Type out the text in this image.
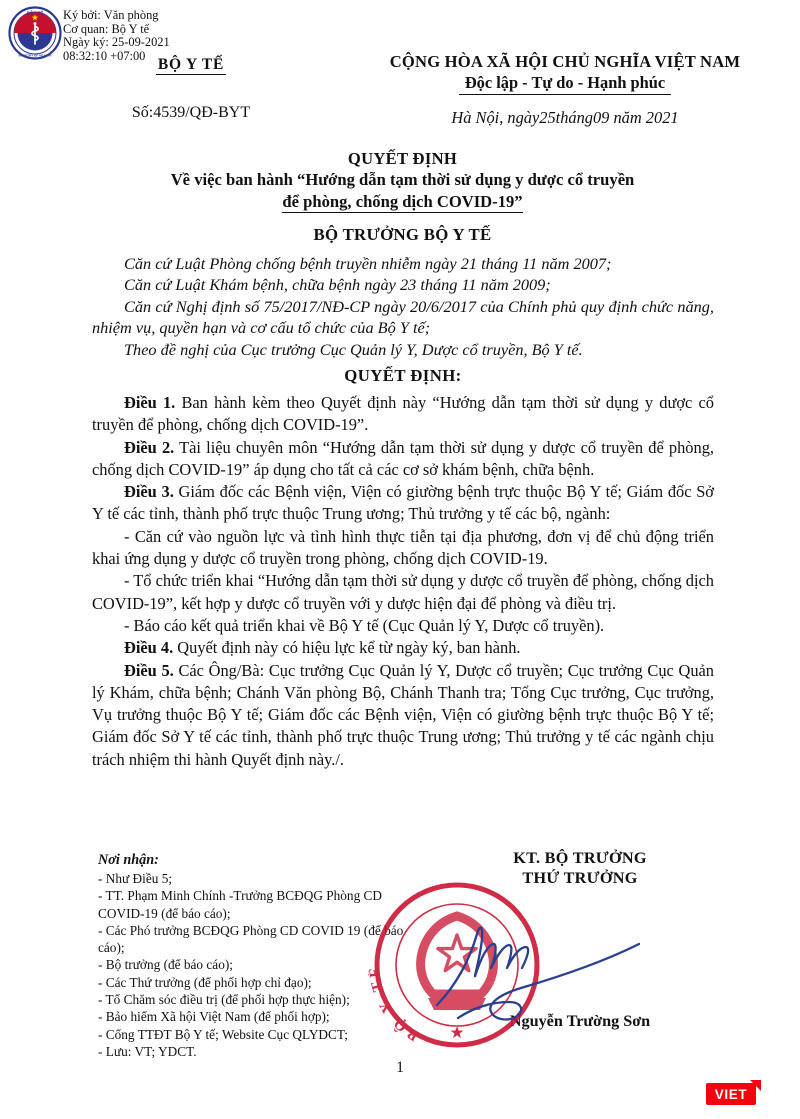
BỘ Y TẾ
MINISTRY OF HEALTH
Ký bởi: Văn phòng
Cơ quan: Bộ Y tế
Ngày ký: 25-09-2021
08:32:10 +07:00 BỘ Y TẾ
Số:4539/QĐ-BYT
CỘNG HÒA XÃ HỘI CHỦ NGHĨA VIỆT NAM
Độc lập - Tự do - Hạnh phúc
Hà Nội, ngày25tháng09 năm 2021
QUYẾT ĐỊNH
Về việc ban hành “Hướng dẫn tạm thời sử dụng y dược cổ truyền
để phòng, chống dịch COVID-19”
BỘ TRƯỞNG BỘ Y TẾ

Căn cứ Luật Phòng chống bệnh truyền nhiễm ngày 21 tháng 11 năm 2007;

Căn cứ Luật Khám bệnh, chữa bệnh ngày 23 tháng 11 năm 2009;

Căn cứ Nghị định số 75/2017/NĐ-CP ngày 20/6/2017 của Chính phủ quy định chức năng, nhiệm vụ, quyền hạn và cơ cấu tổ chức của Bộ Y tế;

Theo đề nghị của Cục trưởng Cục Quản lý Y, Dược cổ truyền, Bộ Y tế.

QUYẾT ĐỊNH:

Điều 1. Ban hành kèm theo Quyết định này “Hướng dẫn tạm thời sử dụng y dược cổ truyền để phòng, chống dịch COVID-19”.

Điều 2. Tài liệu chuyên môn “Hướng dẫn tạm thời sử dụng y dược cổ truyền để phòng, chống dịch COVID-19” áp dụng cho tất cả các cơ sở khám bệnh, chữa bệnh.

Điều 3. Giám đốc các Bệnh viện, Viện có giường bệnh trực thuộc Bộ Y tế; Giám đốc Sở Y tế các tỉnh, thành phố trực thuộc Trung ương; Thủ trưởng y tế các bộ, ngành:

- Căn cứ vào nguồn lực và tình hình thực tiễn tại địa phương, đơn vị để chủ động triển khai ứng dụng y dược cổ truyền trong phòng, chống dịch COVID-19.

- Tổ chức triển khai “Hướng dẫn tạm thời sử dụng y dược cổ truyền để phòng, chống dịch COVID-19”, kết hợp y dược cổ truyền với y dược hiện đại để phòng và điều trị.

- Báo cáo kết quả triển khai về Bộ Y tế (Cục Quản lý Y, Dược cổ truyền).

Điều 4. Quyết định này có hiệu lực kể từ ngày ký, ban hành.

Điều 5. Các Ông/Bà: Cục trưởng Cục Quản lý Y, Dược cổ truyền; Cục trưởng Cục Quản lý Khám, chữa bệnh; Chánh Văn phòng Bộ, Chánh Thanh tra; Tổng Cục trưởng, Cục trưởng, Vụ trưởng thuộc Bộ Y tế; Giám đốc các Bệnh viện, Viện có giường bệnh trực thuộc Bộ Y tế; Giám đốc Sở Y tế các tỉnh, thành phố trực thuộc Trung ương; Thủ trưởng y tế các ngành chịu trách nhiệm thi hành Quyết định này./.

Nơi nhận:
- Như Điều 5;
- TT. Phạm Minh Chính -Trưởng BCĐQG Phòng CD COVID-19 (để báo cáo);
- Các Phó trưởng BCĐQG Phòng CD COVID 19 (để báo cáo);
- Bộ trưởng (để báo cáo);
- Các Thứ trưởng (để phối hợp chỉ đạo);
- Tổ Chăm sóc điều trị (để phối hợp thực hiện);
- Bảo hiểm Xã hội Việt Nam (để phối hợp);
- Cổng TTĐT Bộ Y tế; Website Cục QLYDCT;
- Lưu: VT; YDCT.
KT. BỘ TRƯỞNG
THỨ TRƯỞNG
Nguyễn Trường Sơn
B Ộ   Y   T Ế
1
VIET
